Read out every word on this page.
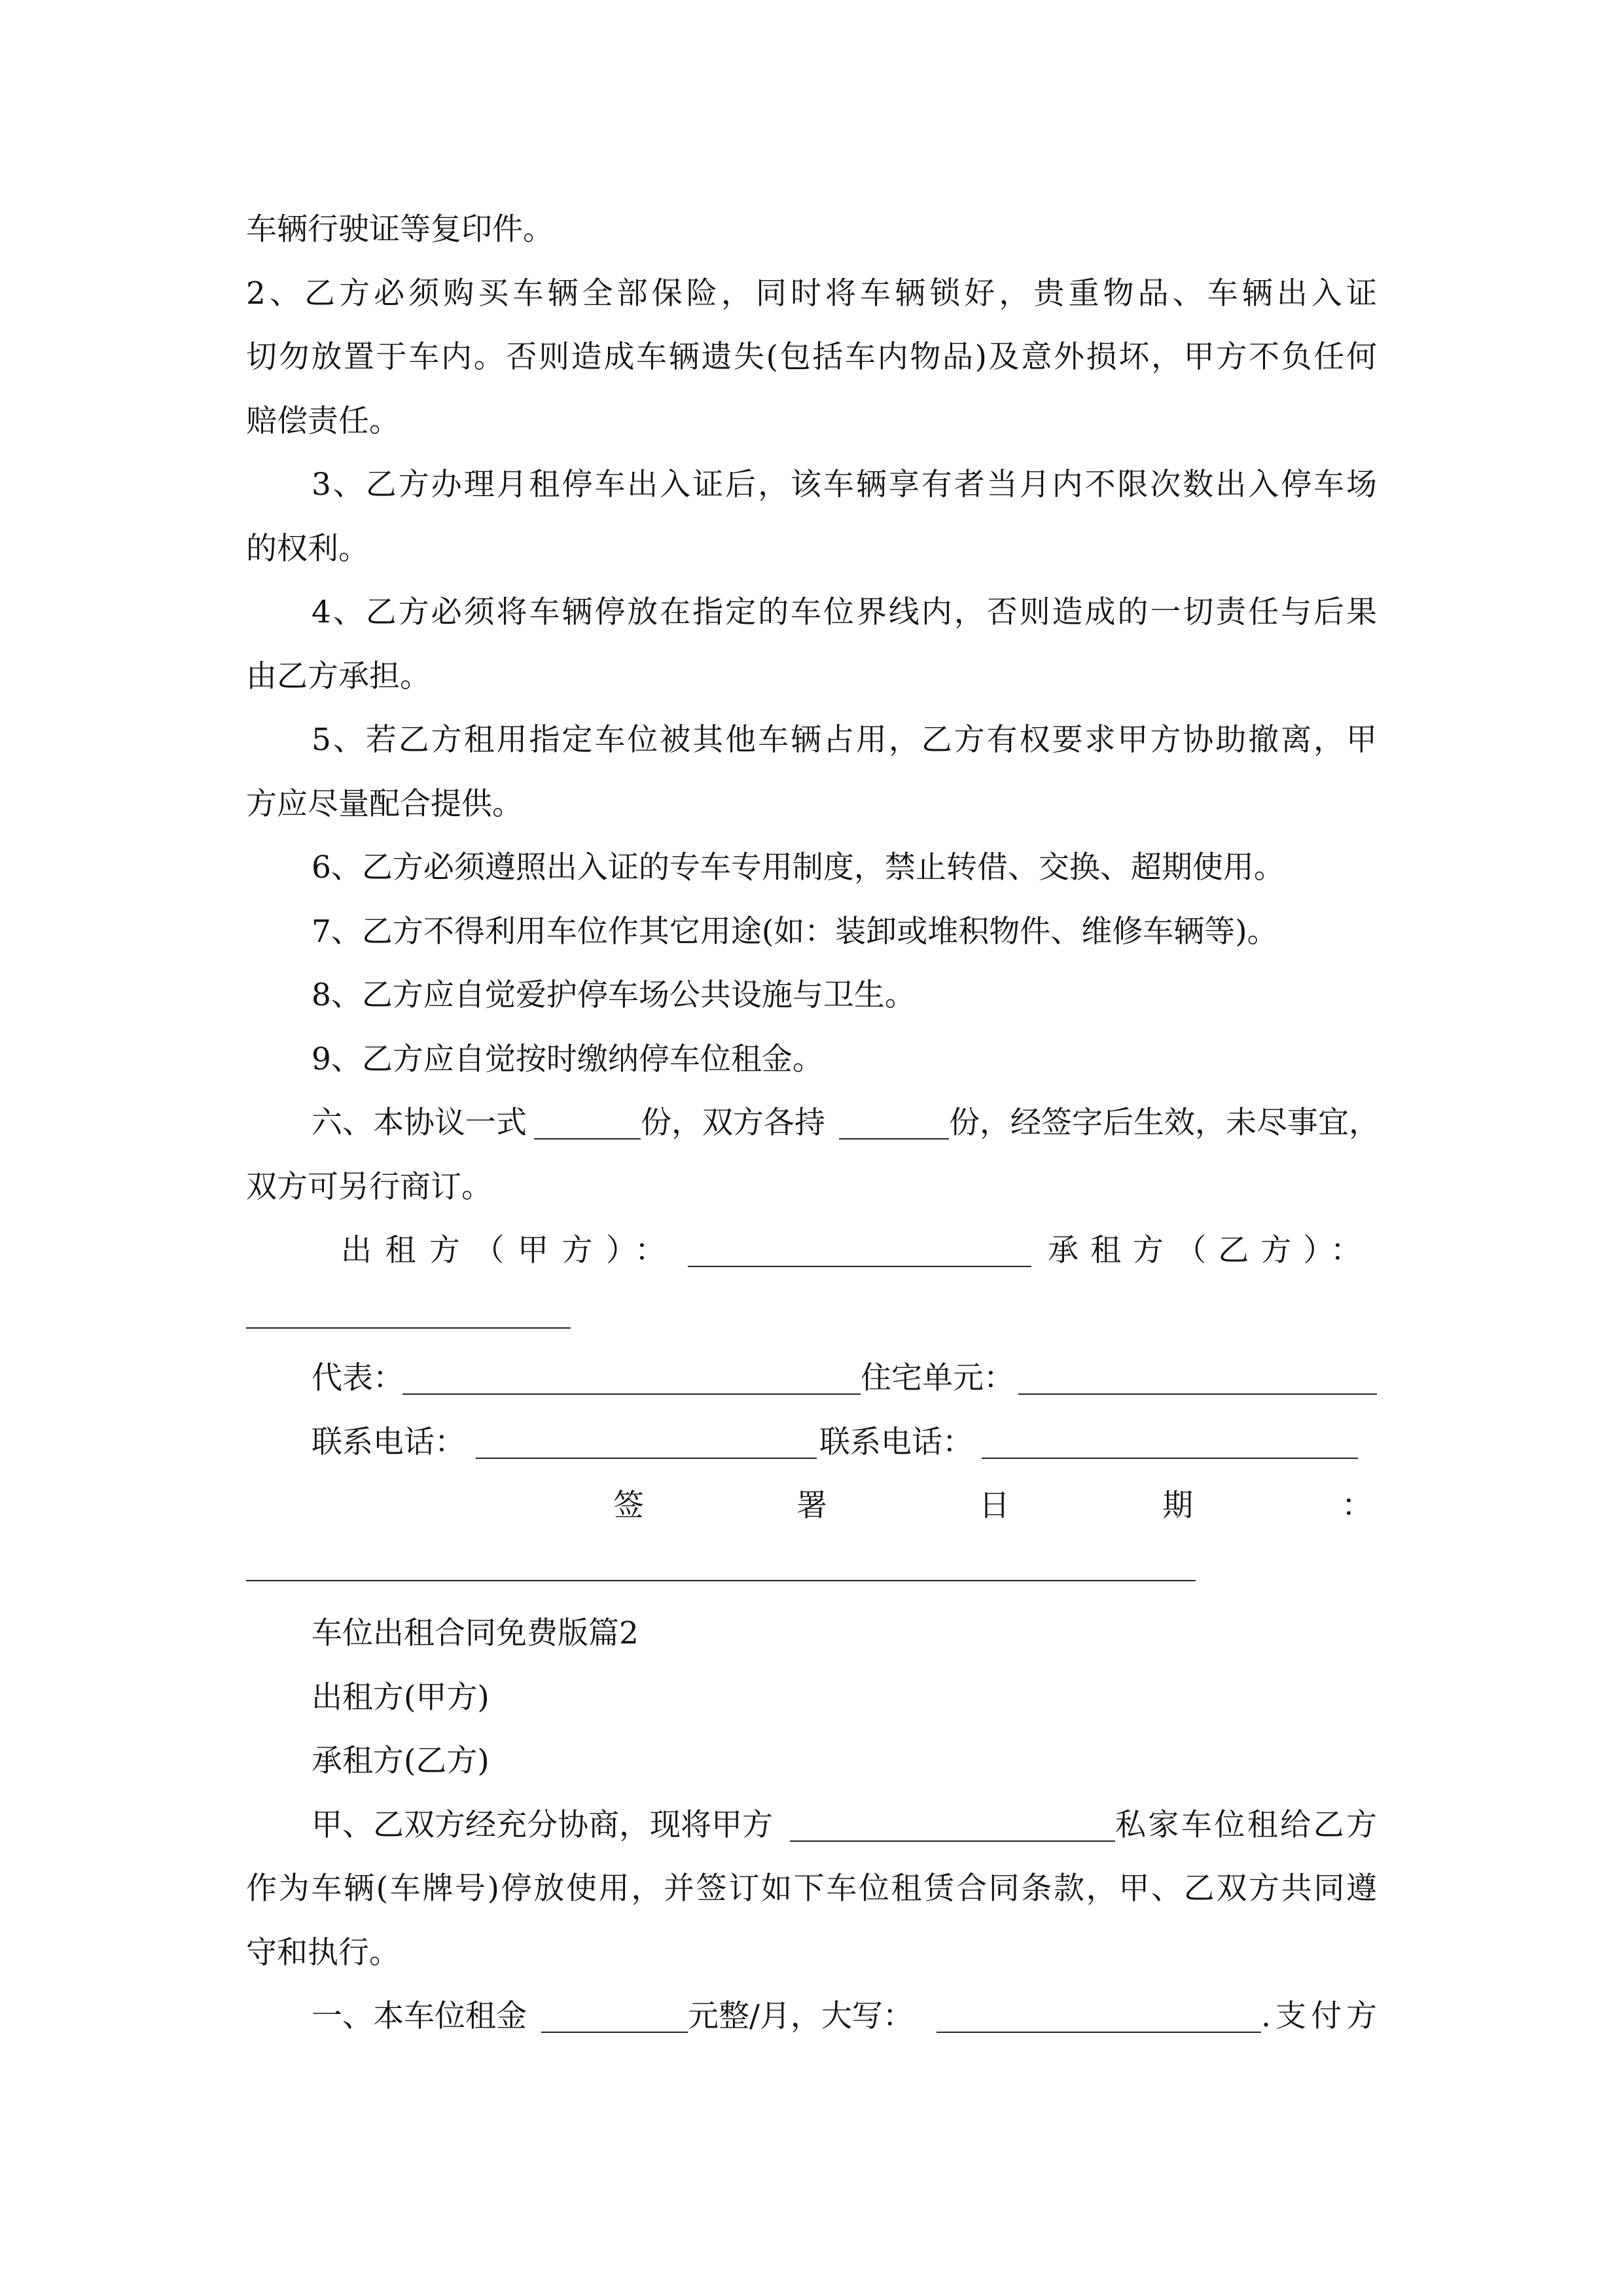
车辆行驶证等复印件。
2、乙方必须购买车辆全部保险，同时将车辆锁好，贵重物品、车辆出入证
切勿放置于车内。否则造成车辆遗失(包括车内物品)及意外损坏，甲方不负任何
赔偿责任。
3、乙方办理月租停车出入证后，该车辆享有者当月内不限次数出入停车场
的权利。
4、乙方必须将车辆停放在指定的车位界线内，否则造成的一切责任与后果
由乙方承担。
5、若乙方租用指定车位被其他车辆占用，乙方有权要求甲方协助撤离，甲
方应尽量配合提供。
6、乙方必须遵照出入证的专车专用制度，禁止转借、交换、超期使用。
7、乙方不得利用车位作其它用途(如：装卸或堆积物件、维修车辆等)。
8、乙方应自觉爱护停车场公共设施与卫生。
9、乙方应自觉按时缴纳停车位租金。
六、本协议一式	份，双方各持	份，经签字后生效，未尽事宜，
双方可另行商订。
出租方（甲方）：	承租方（乙方）：
代表：	住宅单元：
联系电话：	联系电话：
签	署	日	期	：
车位出租合同免费版篇2
出租方(甲方)
承租方(乙方)
甲、乙双方经充分协商，现将甲方	私家车位租给乙方
作为车辆(车牌号)停放使用，并签订如下车位租赁合同条款，甲、乙双方共同遵
守和执行。
一、本车位租金	元整/月，大写：	.支付方
